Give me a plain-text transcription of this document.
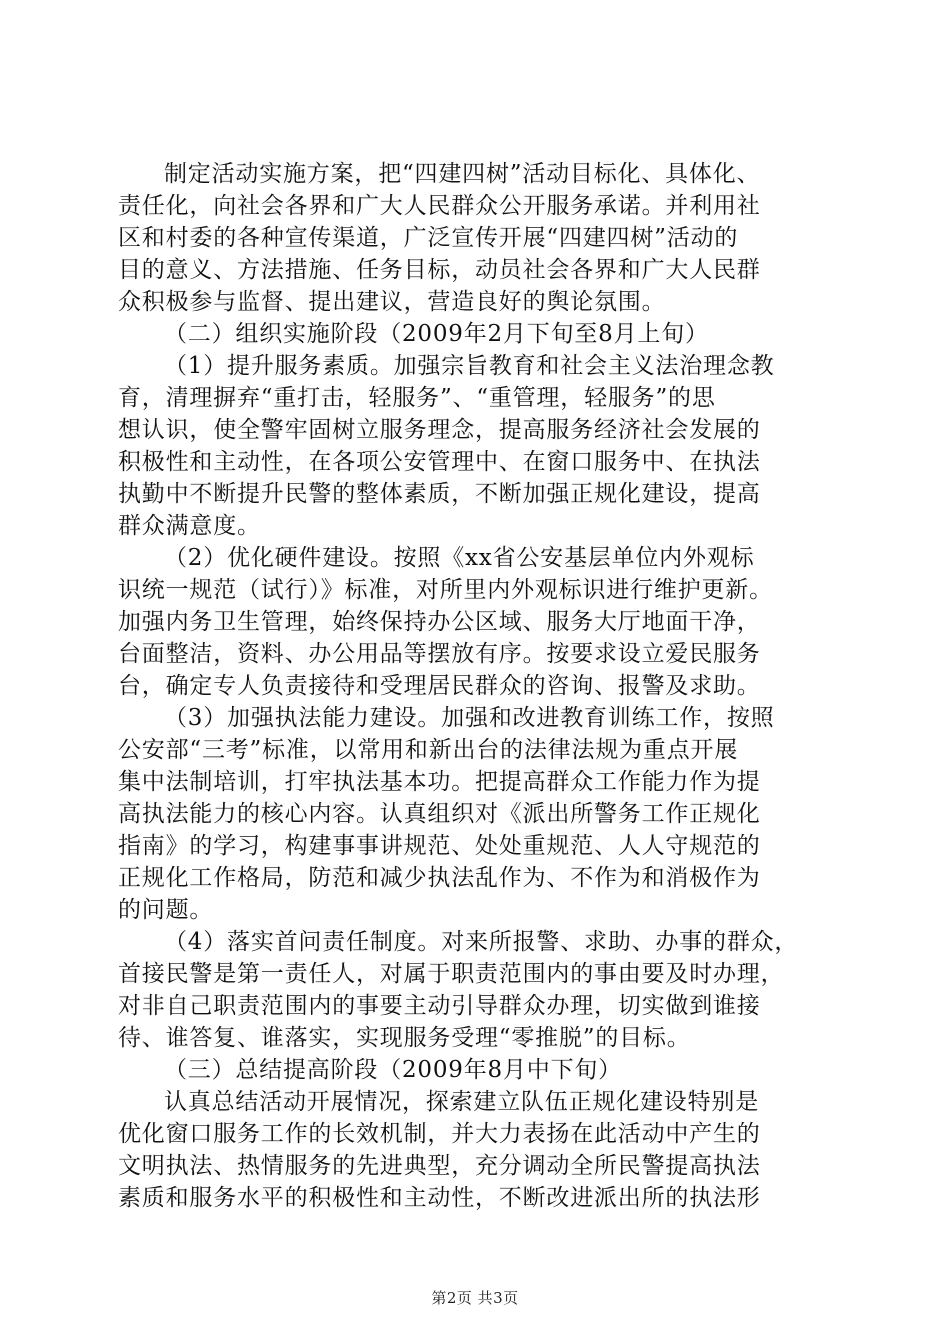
制定活动实施方案，把“四建四树”活动目标化、具体化、
责任化，向社会各界和广大人民群众公开服务承诺。并利用社
区和村委的各种宣传渠道，广泛宣传开展“四建四树”活动的
目的意义、方法措施、任务目标，动员社会各界和广大人民群
众积极参与监督、提出建议，营造良好的舆论氛围。
（二）组织实施阶段（2009年2月下旬至8月上旬）
（1）提升服务素质。加强宗旨教育和社会主义法治理念教
育，清理摒弃“重打击，轻服务”、“重管理，轻服务”的思
想认识，使全警牢固树立服务理念，提高服务经济社会发展的
积极性和主动性，在各项公安管理中、在窗口服务中、在执法
执勤中不断提升民警的整体素质，不断加强正规化建设，提高
群众满意度。
（2）优化硬件建设。按照《xx省公安基层单位内外观标
识统一规范（试行）》标准，对所里内外观标识进行维护更新。
加强内务卫生管理，始终保持办公区域、服务大厅地面干净，
台面整洁，资料、办公用品等摆放有序。按要求设立爱民服务
台，确定专人负责接待和受理居民群众的咨询、报警及求助。
（3）加强执法能力建设。加强和改进教育训练工作，按照
公安部“三考”标准，以常用和新出台的法律法规为重点开展
集中法制培训，打牢执法基本功。把提高群众工作能力作为提
高执法能力的核心内容。认真组织对《派出所警务工作正规化
指南》的学习，构建事事讲规范、处处重规范、人人守规范的
正规化工作格局，防范和减少执法乱作为、不作为和消极作为
的问题。
（4）落实首问责任制度。对来所报警、求助、办事的群众，
首接民警是第一责任人，对属于职责范围内的事由要及时办理，
对非自己职责范围内的事要主动引导群众办理，切实做到谁接
待、谁答复、谁落实，实现服务受理“零推脱”的目标。
（三）总结提高阶段（2009年8月中下旬）
认真总结活动开展情况，探索建立队伍正规化建设特别是
优化窗口服务工作的长效机制，并大力表扬在此活动中产生的
文明执法、热情服务的先进典型，充分调动全所民警提高执法
素质和服务水平的积极性和主动性，不断改进派出所的执法形
第2页 共3页
